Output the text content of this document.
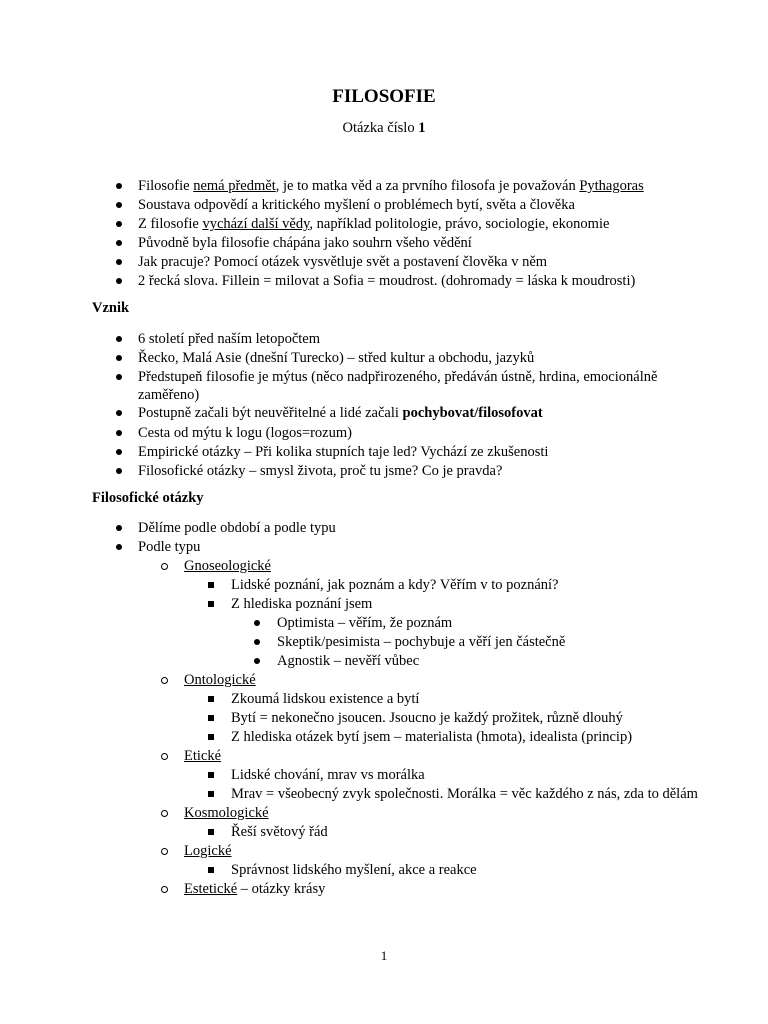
FILOSOFIE
Otázka číslo 1
Filosofie nemá předmět, je to matka věd a za prvního filosofa je považován Pythagoras
Soustava odpovědí a kritického myšlení o problémech bytí, světa a člověka
Z filosofie vychází další vědy, například politologie, právo, sociologie, ekonomie
Původně byla filosofie chápána jako souhrn všeho vědění
Jak pracuje? Pomocí otázek vysvětluje svět a postavení člověka v něm
2 řecká slova. Fillein = milovat a Sofia = moudrost. (dohromady = láska k moudrosti)
Vznik
6 století před naším letopočtem
Řecko, Malá Asie (dnešní Turecko) – střed kultur a obchodu, jazyků
Předstupeň filosofie je mýtus (něco nadpřirozeného, předáván ústně, hrdina, emocionálně
zaměřeno)
Postupně začali být neuvěřitelné a lidé začali pochybovat/filosofovat
Cesta od mýtu k logu (logos=rozum)
Empirické otázky – Při kolika stupních taje led? Vychází ze zkušenosti
Filosofické otázky – smysl života, proč tu jsme? Co je pravda?
Filosofické otázky
Dělíme podle období a podle typu
Podle typu
Gnoseologické
Lidské poznání, jak poznám a kdy? Věřím v to poznání?
Z hlediska poznání jsem
Optimista – věřím, že poznám
Skeptik/pesimista – pochybuje a věří jen částečně
Agnostik – nevěří vůbec
Ontologické
Zkoumá lidskou existence a bytí
Bytí = nekonečno jsoucen. Jsoucno je každý prožitek, různě dlouhý
Z hlediska otázek bytí jsem – materialista (hmota), idealista (princip)
Etické
Lidské chování, mrav vs morálka
Mrav = všeobecný zvyk společnosti. Morálka = věc každého z nás, zda to dělám
Kosmologické
Řeší světový řád
Logické
Správnost lidského myšlení, akce a reakce
Estetické – otázky krásy
1
